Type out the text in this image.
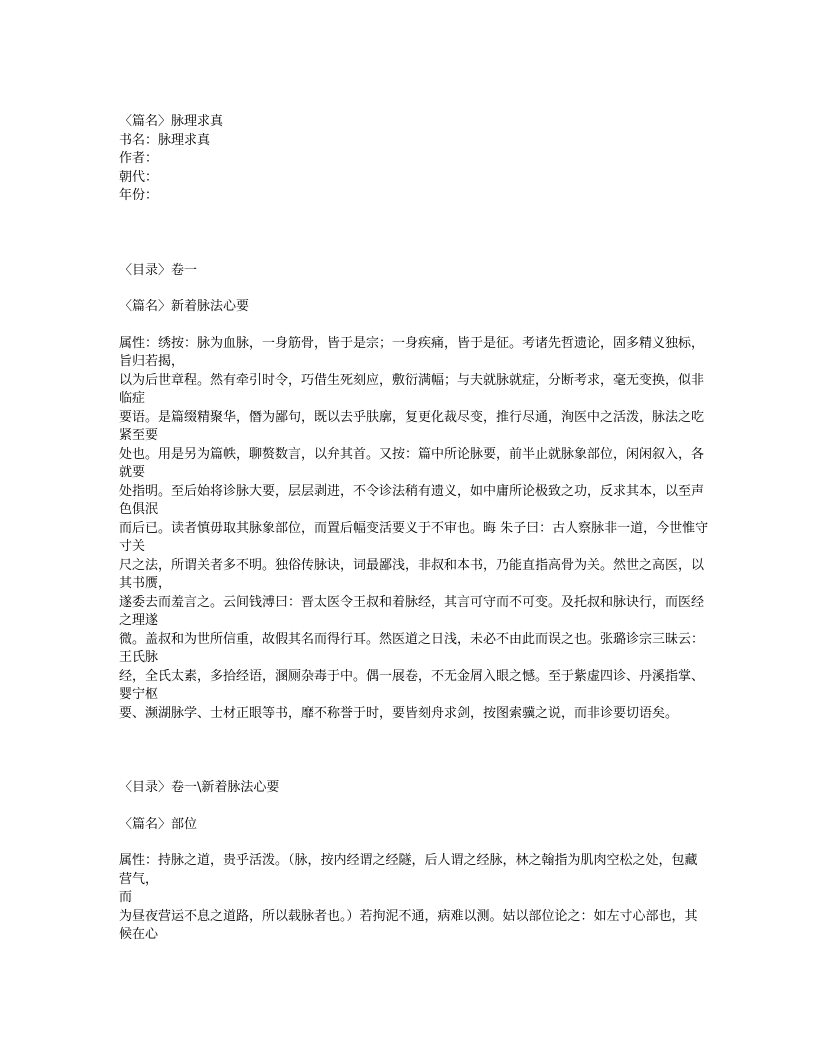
〈篇名〉脉理求真
书名：脉理求真
作者：
朝代：
年份：
〈目录〉卷一
〈篇名〉新着脉法心要
属性：绣按：脉为血脉，一身筋骨，皆于是宗；一身疾痛，皆于是征。考诸先哲遗论，固多精义独标，旨归若揭，
以为后世章程。然有牵引时令，巧借生死刻应，敷衍满幅；与夫就脉就症，分断考求，毫无变换，似非临症
要语。是篇缀精聚华，僭为鄙句，既以去乎肤廓，复更化裁尽变，推行尽通，洵医中之活泼，脉法之吃紧至要
处也。用是另为篇帙，聊赘数言，以弁其首。又按：篇中所论脉要，前半止就脉象部位，闲闲叙入，各就要
处指明。至后始将诊脉大要，层层剥进，不令诊法稍有遗义，如中庸所论极致之功，反求其本，以至声色俱泯
而后已。读者慎毋取其脉象部位，而置后幅变活要义于不审也。晦 朱子曰：古人察脉非一道，今世惟守寸关
尺之法，所谓关者多不明。独俗传脉诀，词最鄙浅，非叔和本书，乃能直指高骨为关。然世之高医，以其书赝，
遂委去而羞言之。云间钱溥曰：晋太医令王叔和着脉经，其言可守而不可变。及托叔和脉诀行，而医经之理遂
微。盖叔和为世所信重，故假其名而得行耳。然医道之日浅，未必不由此而误之也。张璐诊宗三昧云：王氏脉
经，全氏太素，多拾经语，溷厕杂毒于中。偶一展卷，不无金屑入眼之憾。至于紫虚四诊、丹溪指掌、婴宁枢
要、濒湖脉学、士材正眼等书，靡不称誉于时，要皆刻舟求剑，按图索骥之说，而非诊要切语矣。
〈目录〉卷一\新着脉法心要
〈篇名〉部位
属性：持脉之道，贵乎活泼。（脉，按内经谓之经隧，后人谓之经脉，林之翰指为肌肉空松之处，包藏营气，
而
为昼夜营运不息之道路，所以载脉者也。）若拘泥不通，病难以测。姑以部位论之：如左寸心部也，其候在心
